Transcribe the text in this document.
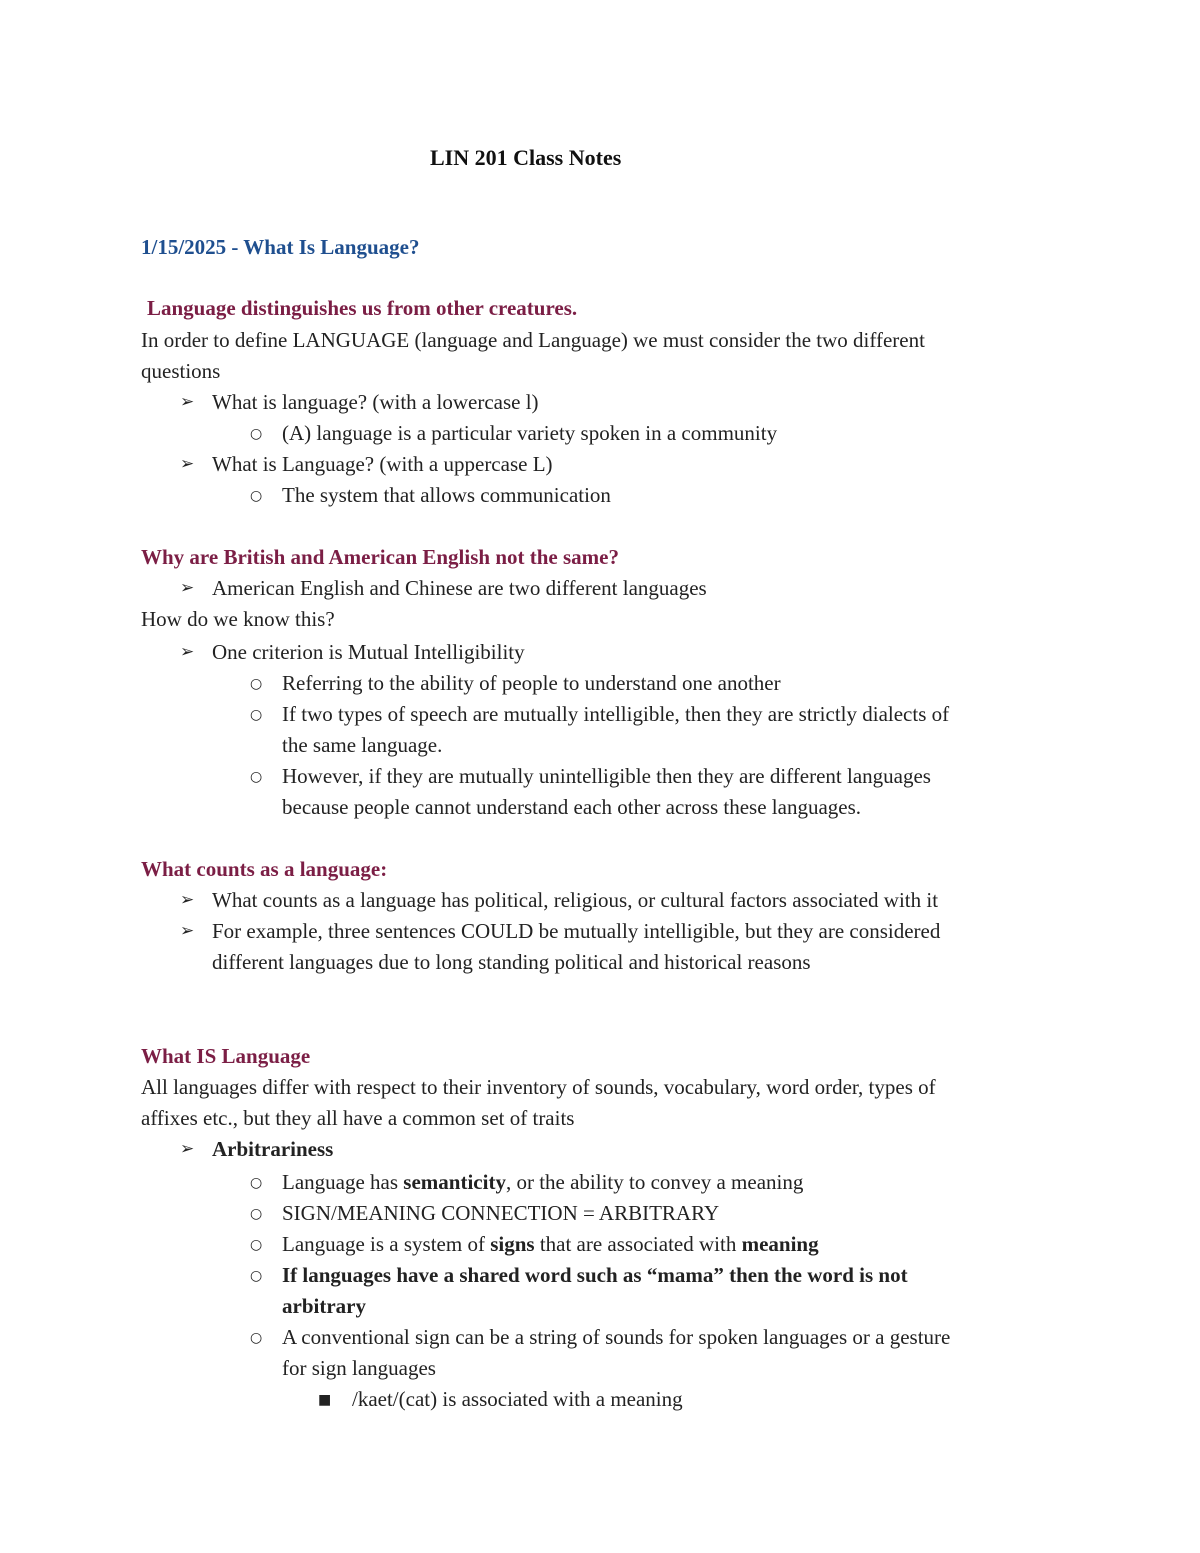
LIN 201 Class Notes
1/15/2025 - What Is Language?
Language distinguishes us from other creatures.
In order to define LANGUAGE (language and Language) we must consider the two different
questions
➢ What is language? (with a lowercase l)
○ (A) language is a particular variety spoken in a community
➢ What is Language? (with a uppercase L)
○ The system that allows communication
Why are British and American English not the same?
➢ American English and Chinese are two different languages
How do we know this?
➢ One criterion is Mutual Intelligibility
○ Referring to the ability of people to understand one another
○ If two types of speech are mutually intelligible, then they are strictly dialects of
the same language.
○ However, if they are mutually unintelligible then they are different languages
because people cannot understand each other across these languages.
What counts as a language:
➢ What counts as a language has political, religious, or cultural factors associated with it
➢ For example, three sentences COULD be mutually intelligible, but they are considered
different languages due to long standing political and historical reasons
What IS Language
All languages differ with respect to their inventory of sounds, vocabulary, word order, types of
affixes etc., but they all have a common set of traits
➢ Arbitrariness
○ Language has semanticity, or the ability to convey a meaning
○ SIGN/MEANING CONNECTION = ARBITRARY
○ Language is a system of signs that are associated with meaning
○ If languages have a shared word such as “mama” then the word is not
arbitrary
○ A conventional sign can be a string of sounds for spoken languages or a gesture
for sign languages
■ /kaet/(cat) is associated with a meaning
